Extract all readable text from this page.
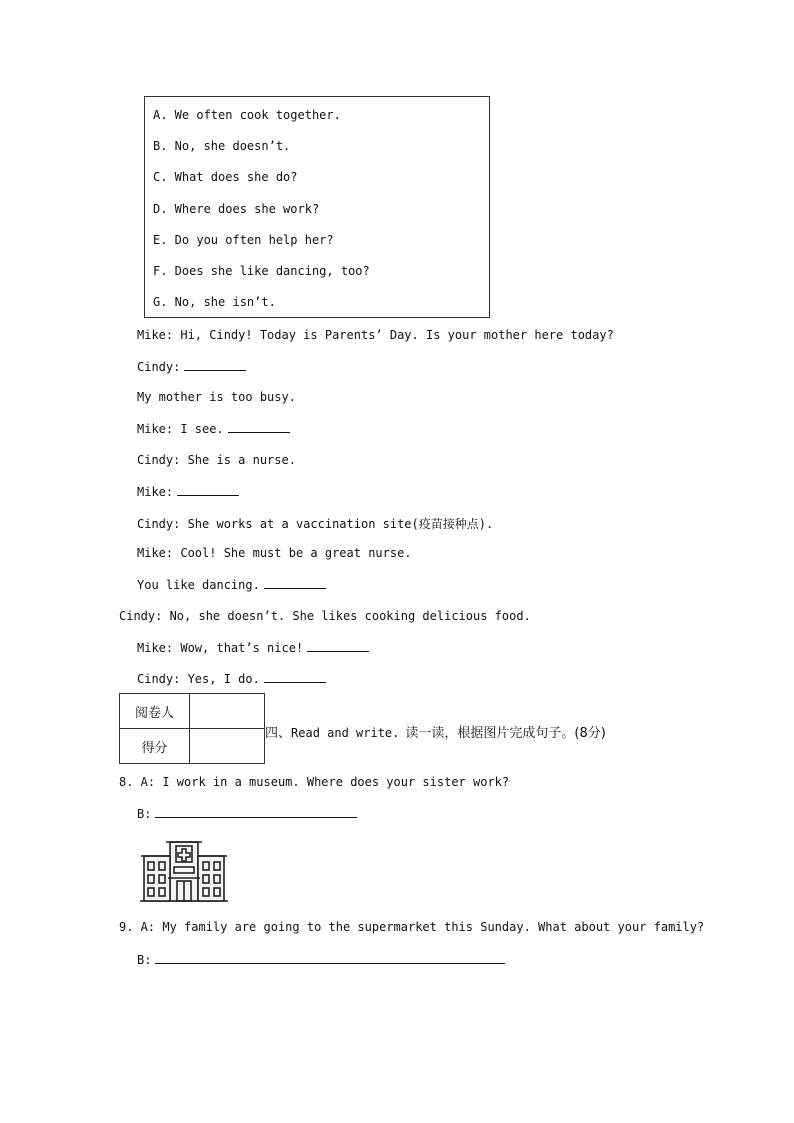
A. We often cook together.
B. No, she doesn’t.
C. What does she do?
D. Where does she work?
E. Do you often help her?
F. Does she like dancing, too?
G. No, she isn’t.
Mike: Hi, Cindy! Today is Parents’ Day. Is your mother here today?
Cindy:
My mother is too busy.
Mike: I see.
Cindy: She is a nurse.
Mike:
Cindy: She works at a vaccination site(疫苗接种点).
Mike: Cool! She must be a great nurse.
You like dancing.
Cindy: No, she doesn’t. She likes cooking delicious food.
Mike: Wow, that’s nice!
Cindy: Yes, I do.
阅卷人	
得分	
四、Read and write. 读一读，根据图片完成句子。(8分)
8. A: I work in a museum. Where does your sister work?
B:
9. A: My family are going to the supermarket this Sunday. What about your family?
B:
